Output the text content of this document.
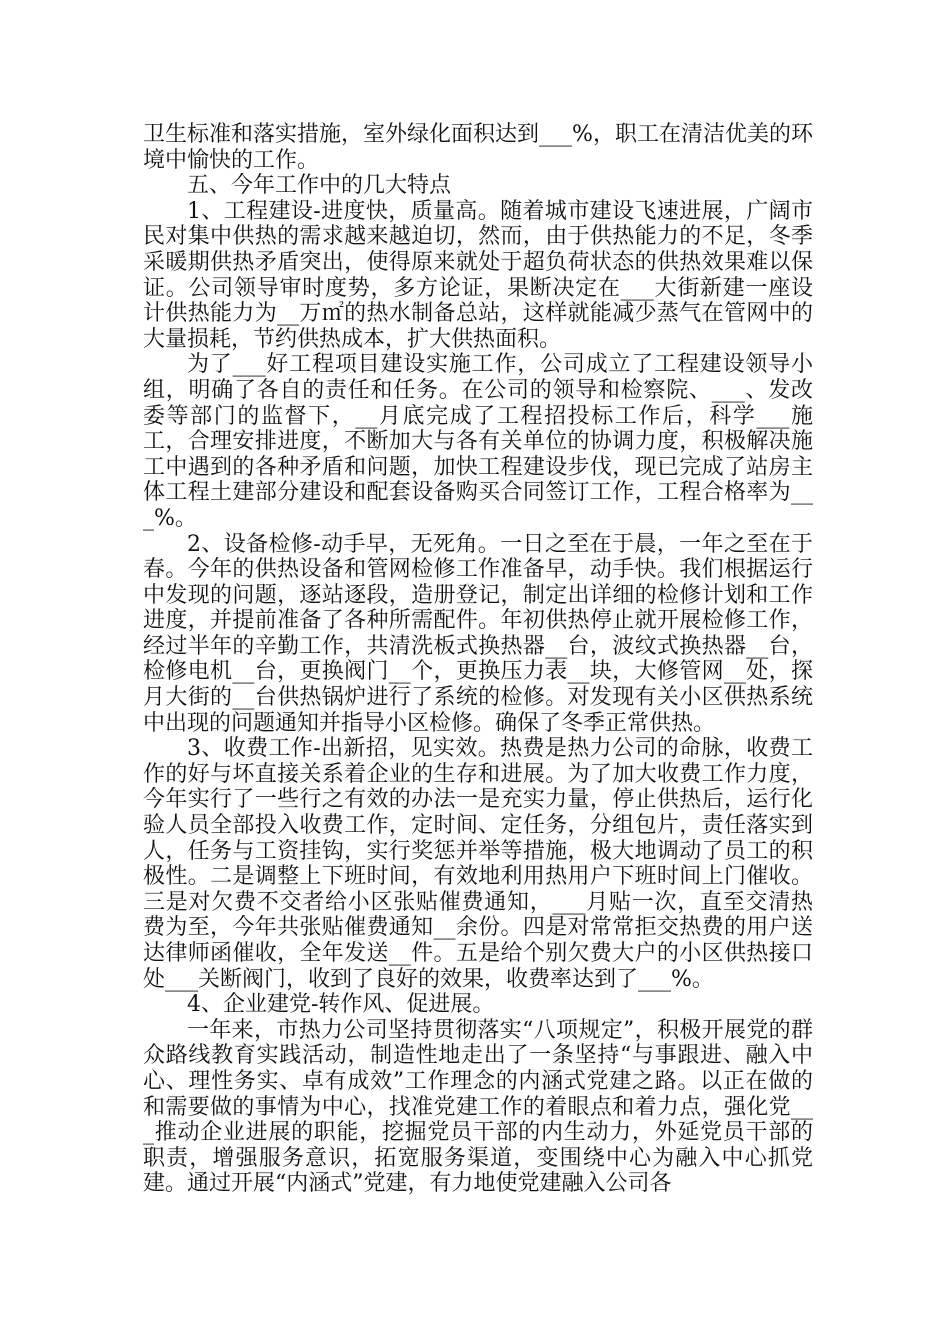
卫生标准和落实措施，室外绿化面积达到___%，职工在清洁优美的环境中愉快的工作。

五、今年工作中的几大特点

1、工程建设-进度快，质量高。随着城市建设飞速进展，广阔市民对集中供热的需求越来越迫切，然而，由于供热能力的不足，冬季采暖期供热矛盾突出，使得原来就处于超负荷状态的供热效果难以保证。公司领导审时度势，多方论证，果断决定在___大街新建一座设计供热能力为__万㎡的热水制备总站，这样就能减少蒸气在管网中的大量损耗，节约供热成本，扩大供热面积。

为了___好工程项目建设实施工作，公司成立了工程建设领导小组，明确了各自的责任和任务。在公司的领导和检察院、___、发改委等部门的监督下，__月底完成了工程招投标工作后，科学___施工，合理安排进度，不断加大与各有关单位的协调力度，积极解决施工中遇到的各种矛盾和问题，加快工程建设步伐，现已完成了站房主体工程土建部分建设和配套设备购买合同签订工作，工程合格率为___%。

2、设备检修-动手早，无死角。一日之至在于晨，一年之至在于春。今年的供热设备和管网检修工作准备早，动手快。我们根据运行中发现的问题，逐站逐段，造册登记，制定出详细的检修计划和工作进度，并提前准备了各种所需配件。年初供热停止就开展检修工作，经过半年的辛勤工作，共清洗板式换热器__台，波纹式换热器__台，检修电机__台，更换阀门__个，更换压力表__块，大修管网__处，探月大街的__台供热锅炉进行了系统的检修。对发现有关小区供热系统中出现的问题通知并指导小区检修。确保了冬季正常供热。

3、收费工作-出新招，见实效。热费是热力公司的命脉，收费工作的好与坏直接关系着企业的生存和进展。为了加大收费工作力度，今年实行了一些行之有效的办法一是充实力量，停止供热后，运行化验人员全部投入收费工作，定时间、定任务，分组包片，责任落实到人，任务与工资挂钩，实行奖惩并举等措施，极大地调动了员工的积极性。二是调整上下班时间，有效地利用热用户下班时间上门催收。三是对欠费不交者给小区张贴催费通知，___月贴一次，直至交清热费为至，今年共张贴催费通知__余份。四是对常常拒交热费的用户送达律师函催收，全年发送__件。五是给个别欠费大户的小区供热接口处___关断阀门，收到了良好的效果，收费率达到了___%。

4、企业建党-转作风、促进展。

一年来，市热力公司坚持贯彻落实“八项规定”，积极开展党的群众路线教育实践活动，制造性地走出了一条坚持“与事跟进、融入中心、理性务实、卓有成效”工作理念的内涵式党建之路。以正在做的和需要做的事情为中心，找准党建工作的着眼点和着力点，强化党___推动企业进展的职能，挖掘党员干部的内生动力，外延党员干部的职责，增强服务意识，拓宽服务渠道，变围绕中心为融入中心抓党建。通过开展“内涵式”党建，有力地使党建融入公司各
